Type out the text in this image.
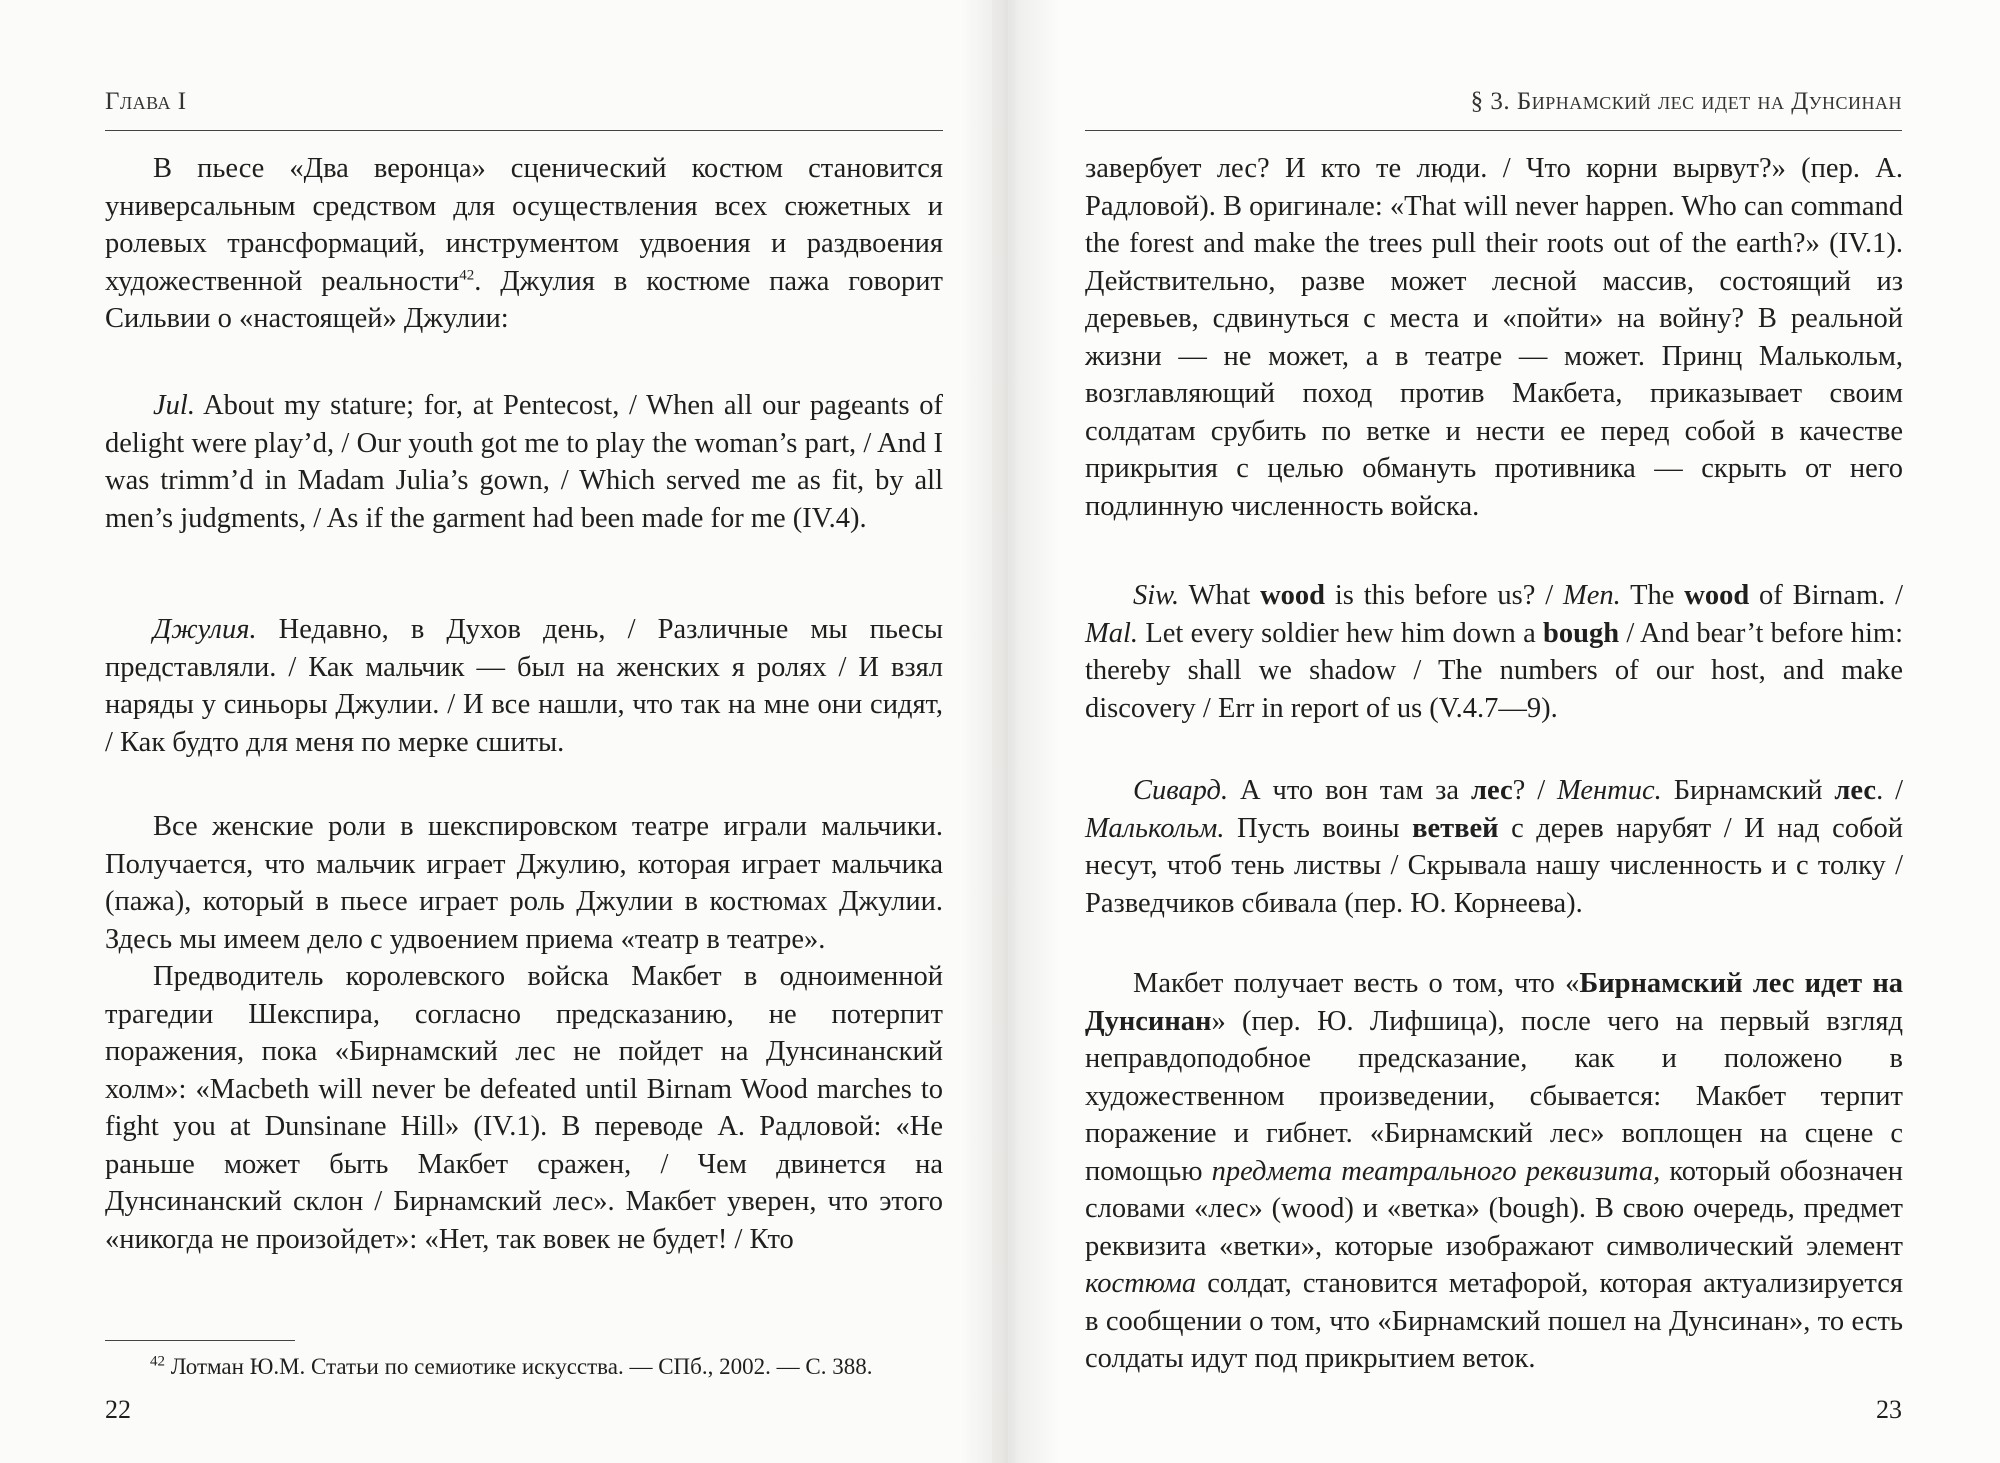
Глава I

В пьесе «Два веронца» сценический костюм становится универсальным средством для осуществления всех сюжетных и ролевых трансформаций, инструментом удвоения и раздвоения художественной реальности$^{42}$. Джулия в костюме пажа говорит Сильвии о «настоящей» Джулии:

Jul. About my stature; for, at Pentecost, / When all our pageants of delight were play’d, / Our youth got me to play the woman’s part, / And I was trimm’d in Madam Julia’s gown, / Which served me as fit, by all men’s judgments, / As if the garment had been made for me (IV.4).

Джулия. Недавно, в Духов день, / Различные мы пьесы представляли. / Как мальчик — был на женских я ролях / И взял наряды у синьоры Джулии. / И все нашли, что так на мне они сидят, / Как будто для меня по мерке сшиты.

Все женские роли в шекспировском театре играли мальчики. Получается, что мальчик играет Джулию, которая играет мальчика (пажа), который в пьесе играет роль Джулии в костюмах Джулии. Здесь мы имеем дело с удвоением приема «театр в театре».

Предводитель королевского войска Макбет в одноименной трагедии Шекспира, согласно предсказанию, не потерпит поражения, пока «Бирнамский лес не пойдет на Дунсинанский холм»: «Macbeth will never be defeated until Birnam Wood marches to fight you at Dunsinane Hill» (IV.1). В переводе А. Радловой: «Не раньше может быть Макбет сражен, / Чем двинется на Дунсинанский склон / Бирнамский лес». Макбет уверен, что этого «никогда не произойдет»: «Нет, так вовек не будет! / Кто

$^{42}$ Лотман Ю.М. Статьи по семиотике искусства. — СПб., 2002. — С. 388.
22
§ 3. Бирнамский лес идет на Дунсинан

завербует лес? И кто те люди. / Что корни вырвут?» (пер. А. Радловой). В оригинале: «That will never happen. Who can command the forest and make the trees pull their roots out of the earth?» (IV.1). Действительно, разве может лесной массив, состоящий из деревьев, сдвинуться с места и «пойти» на войну? В реальной жизни — не может, а в театре — может. Принц Малькольм, возглавляющий поход против Макбета, приказывает своим солдатам срубить по ветке и нести ее перед собой в качестве прикрытия с целью обмануть противника — скрыть от него подлинную численность войска.

Siw. What wood is this before us? / Men. The wood of Birnam. / Mal. Let every soldier hew him down a bough / And bear’t before him: thereby shall we shadow / The numbers of our host, and make discovery / Err in report of us (V.4.7—9).

Сивард. А что вон там за лес? / Ментис. Бирнамский лес. / Малькольм. Пусть воины ветвей с дерев нарубят / И над собой несут, чтоб тень листвы / Скрывала нашу численность и с толку / Разведчиков сбивала (пер. Ю. Корнеева).

Макбет получает весть о том, что «Бирнамский лес идет на Дунсинан» (пер. Ю. Лифшица), после чего на первый взгляд неправдоподобное предсказание, как и положено в художественном произведении, сбывается: Макбет терпит поражение и гибнет. «Бирнамский лес» воплощен на сцене с помощью предмета театрального реквизита, который обозначен словами «лес» (wood) и «ветка» (bough). В свою очередь, предмет реквизита «ветки», которые изображают символический элемент костюма солдат, становится метафорой, которая актуализируется в сообщении о том, что «Бирнамский пошел на Дунсинан», то есть солдаты идут под прикрытием веток.

23
